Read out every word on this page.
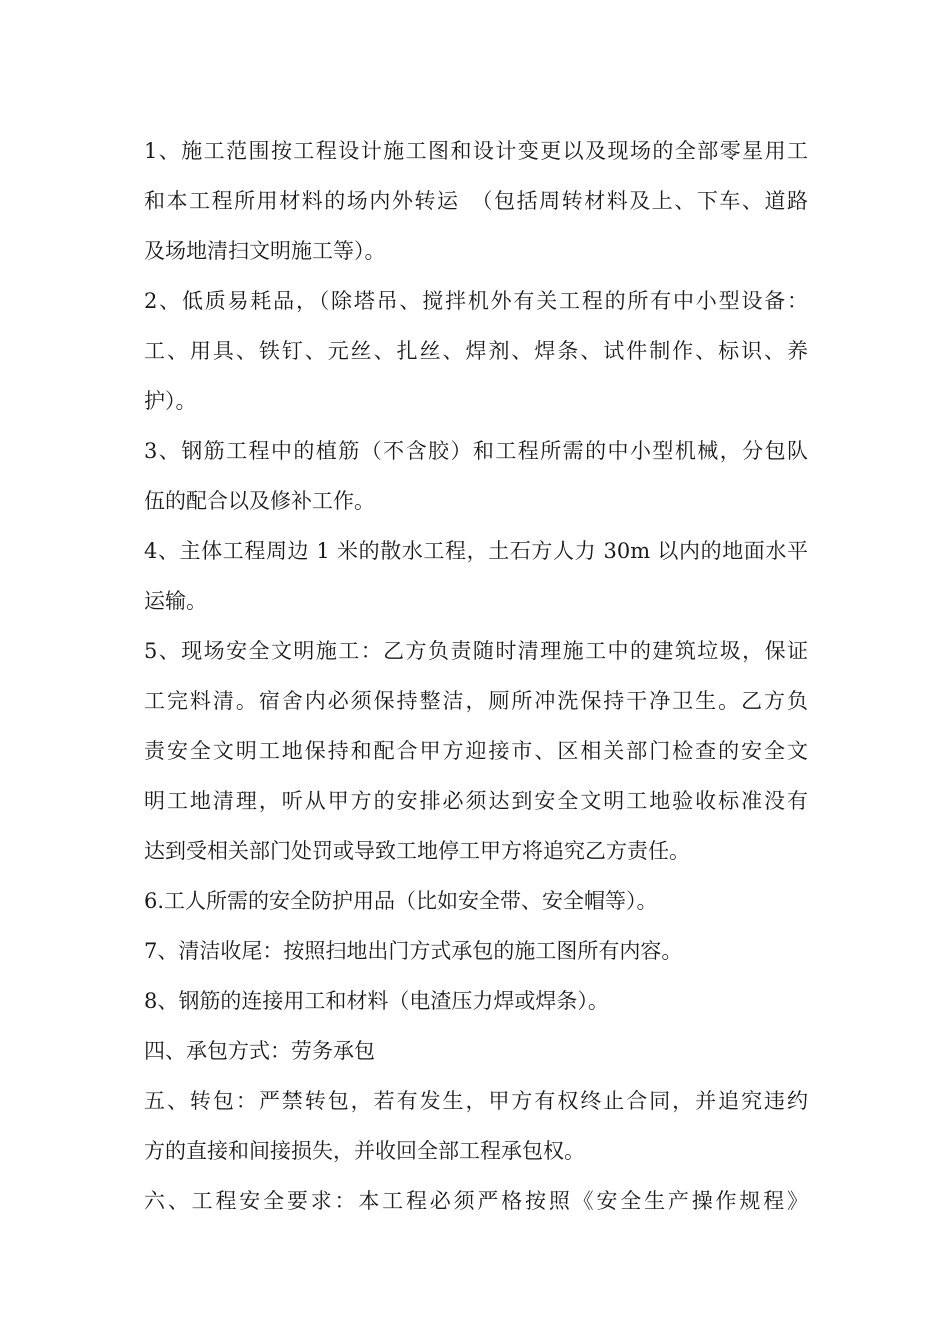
1、施工范围按工程设计施工图和设计变更以及现场的全部零星用工
和本工程所用材料的场内外转运　（包括周转材料及上、下车、道路
及场地清扫文明施工等）。
2、低质易耗品，（除塔吊、搅拌机外有关工程的所有中小型设备：
工、用具、铁钉、元丝、扎丝、焊剂、焊条、试件制作、标识、养
护）。
3、钢筋工程中的植筋（不含胶）和工程所需的中小型机械，分包队
伍的配合以及修补工作。
4、主体工程周边 1 米的散水工程，土石方人力 30m 以内的地面水平
运输。
5、现场安全文明施工：乙方负责随时清理施工中的建筑垃圾，保证
工完料清。宿舍内必须保持整洁，厕所冲洗保持干净卫生。乙方负
责安全文明工地保持和配合甲方迎接市、区相关部门检查的安全文
明工地清理，听从甲方的安排必须达到安全文明工地验收标准没有
达到受相关部门处罚或导致工地停工甲方将追究乙方责任。
6.工人所需的安全防护用品（比如安全带、安全帽等）。
7、清洁收尾：按照扫地出门方式承包的施工图所有内容。
8、钢筋的连接用工和材料（电渣压力焊或焊条）。
四、承包方式：劳务承包
五、转包：严禁转包，若有发生，甲方有权终止合同，并追究违约
方的直接和间接损失，并收回全部工程承包权。
六、工程安全要求：本工程必须严格按照《安全生产操作规程》
